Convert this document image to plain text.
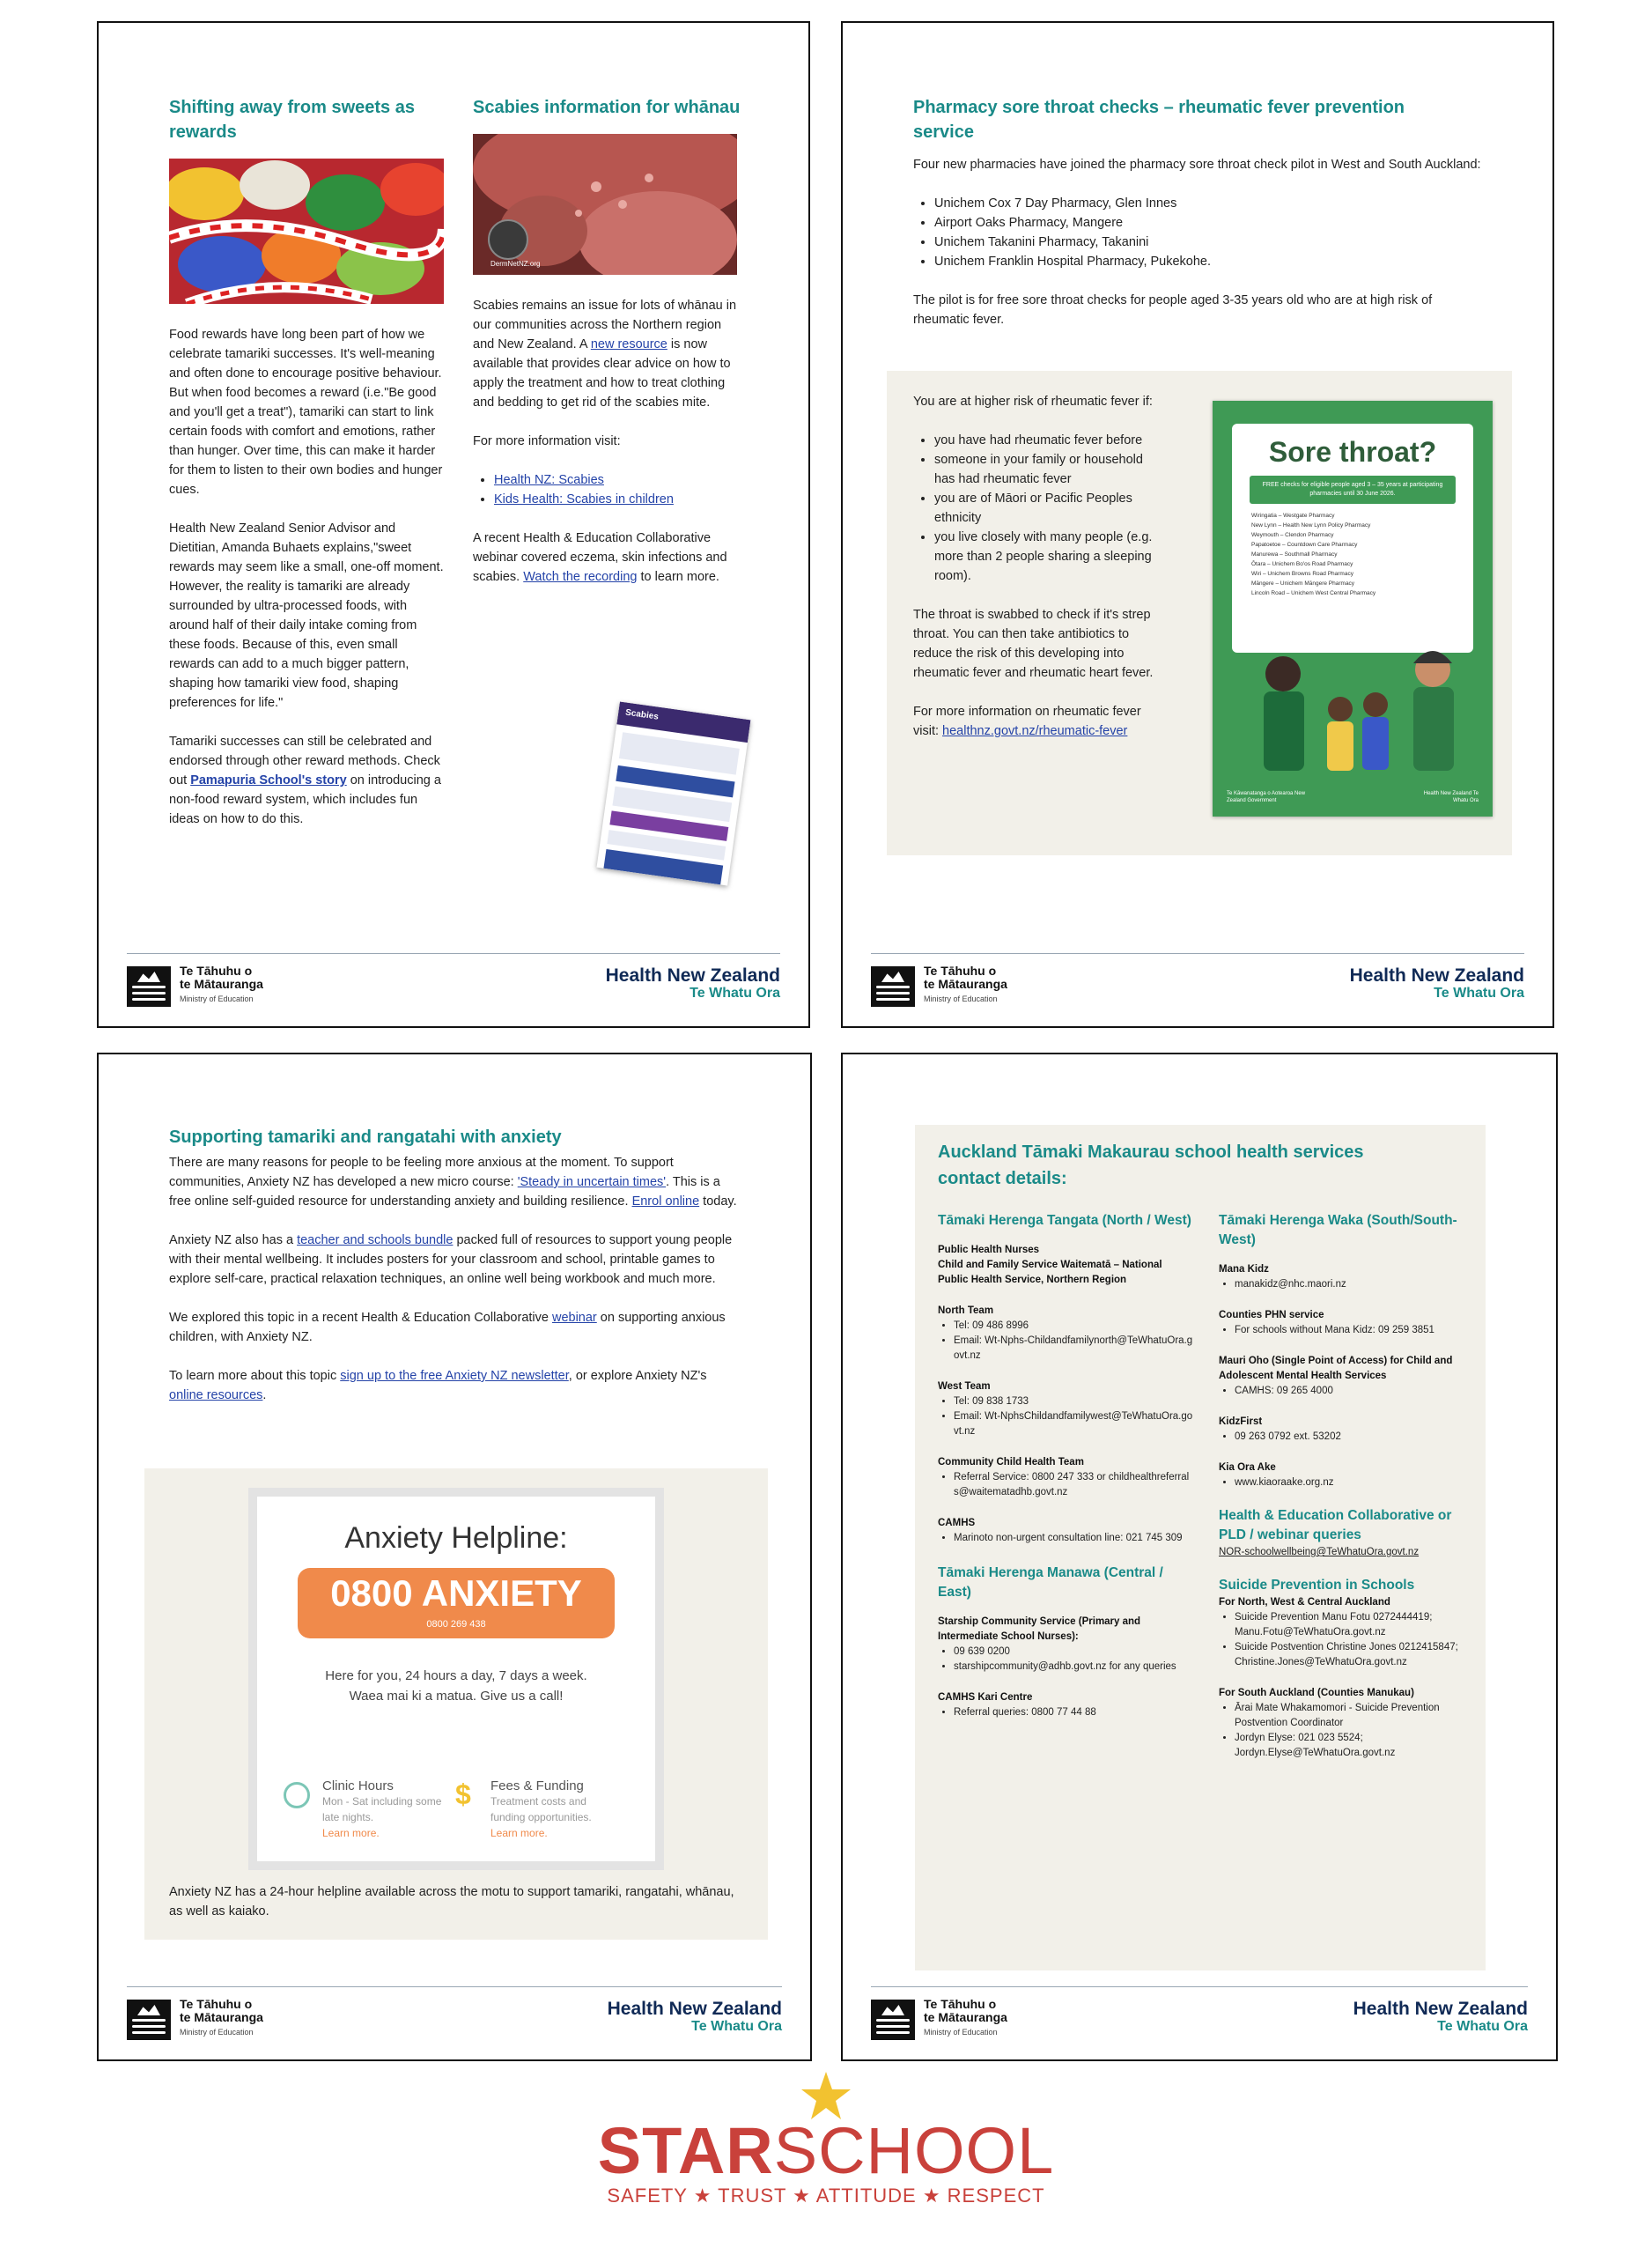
Shifting away from sweets as rewards

Food rewards have long been part of how we celebrate tamariki successes. It's well-meaning and often done to encourage positive behaviour. But when food becomes a reward (i.e."Be good and you'll get a treat"), tamariki can start to link certain foods with comfort and emotions, rather than hunger. Over time, this can make it harder for them to listen to their own bodies and hunger cues.

Health New Zealand Senior Advisor and Dietitian, Amanda Buhaets explains,"sweet rewards may seem like a small, one-off moment. However, the reality is tamariki are already surrounded by ultra-processed foods, with around half of their daily intake coming from these foods. Because of this, even small rewards can add to a much bigger pattern, shaping how tamariki view food, shaping preferences for life."

Tamariki successes can still be celebrated and endorsed through other reward methods. Check out Pamapuria School's story on introducing a non-food reward system, which includes fun ideas on how to do this.

Scabies information for whānau
DermNetNZ.org

Scabies remains an issue for lots of whānau in our communities across the Northern region and New Zealand. A new resource is now available that provides clear advice on how to apply the treatment and how to treat clothing and bedding to get rid of the scabies mite.

For more information visit:

• Health NZ: Scabies
• Kids Health: Scabies in children

A recent Health & Education Collaborative webinar covered eczema, skin infections and scabies. Watch the recording to learn more.

Scabies
Te Tāhuhu o
te Mātauranga
Ministry of Education
Health New Zealand
Te Whatu Ora
Pharmacy sore throat checks – rheumatic fever prevention service

Four new pharmacies have joined the pharmacy sore throat check pilot in West and South Auckland:

• Unichem Cox 7 Day Pharmacy, Glen Innes
• Airport Oaks Pharmacy, Mangere
• Unichem Takanini Pharmacy, Takanini
• Unichem Franklin Hospital Pharmacy, Pukekohe.

The pilot is for free sore throat checks for people aged 3-35 years old who are at high risk of rheumatic fever.

You are at higher risk of rheumatic fever if:

• you have had rheumatic fever before
• someone in your family or household has had rheumatic fever
• you are of Māori or Pacific Peoples ethnicity
• you live closely with many people (e.g. more than 2 people sharing a sleeping room).

The throat is swabbed to check if it's strep throat. You can then take antibiotics to reduce the risk of this developing into rheumatic fever and rheumatic heart fever.

For more information on rheumatic fever visit: healthnz.govt.nz/rheumatic-fever

Sore throat?
FREE checks for eligible people aged 3 – 35 years at participating pharmacies until 30 June 2026.
Wiringatia – Westgate Pharmacy
New Lynn – Health New Lynn Policy Pharmacy
Weymouth – Clendon Pharmacy
Papatoetoe – Countdown Care Pharmacy
Manurewa – Southmall Pharmacy
Ōtara – Unichem Bo'os Road Pharmacy
Wiri – Unichem Browns Road Pharmacy
Māngere – Unichem Māngere Pharmacy
Lincoln Road – Unichem West Central Pharmacy
Te Kāwanatanga o Aotearoa New Zealand Government
Health New Zealand Te Whatu Ora
Te Tāhuhu o
te Mātauranga
Ministry of Education
Health New Zealand
Te Whatu Ora
Supporting tamariki and rangatahi with anxiety

There are many reasons for people to be feeling more anxious at the moment. To support communities, Anxiety NZ has developed a new micro course: 'Steady in uncertain times'. This is a free online self-guided resource for understanding anxiety and building resilience. Enrol online today.

Anxiety NZ also has a teacher and schools bundle packed full of resources to support young people with their mental wellbeing. It includes posters for your classroom and school, printable games to explore self-care, practical relaxation techniques, an online well being workbook and much more.

We explored this topic in a recent Health & Education Collaborative webinar on supporting anxious children, with Anxiety NZ.

To learn more about this topic sign up to the free Anxiety NZ newsletter, or explore Anxiety NZ's online resources.

Anxiety Helpline:
0800 ANXIETY
0800 269 438
Here for you, 24 hours a day, 7 days a week.
Waea mai ki a matua. Give us a call!
Clinic Hours
Mon - Sat including some late nights.
Learn more.
$ Fees & Funding
Treatment costs and funding opportunities.
Learn more.

Anxiety NZ has a 24-hour helpline available across the motu to support tamariki, rangatahi, whānau, as well as kaiako.

Te Tāhuhu o
te Mātauranga
Ministry of Education
Health New Zealand
Te Whatu Ora
Auckland Tāmaki Makaurau school health services contact details:
Tāmaki Herenga Tangata (North / West)
Public Health Nurses
Child and Family Service Waitematā – National Public Health Service, Northern Region
North Team
• Tel: 09 486 8996
• Email: Wt-Nphs-Childandfamilynorth@TeWhatuOra.govt.nz
West Team
• Tel: 09 838 1733
• Email: Wt-NphsChildandfamilywest@TeWhatuOra.govt.nz
Community Child Health Team
• Referral Service: 0800 247 333 or childhealthreferrals@waitematadhb.govt.nz
CAMHS
• Marinoto non-urgent consultation line: 021 745 309
Tāmaki Herenga Manawa (Central / East)
Starship Community Service (Primary and Intermediate School Nurses):
• 09 639 0200
• starshipcommunity@adhb.govt.nz for any queries
CAMHS Kari Centre
• Referral queries: 0800 77 44 88
Tāmaki Herenga Waka (South/South-West)
Mana Kidz
• manakidz@nhc.maori.nz
Counties PHN service
• For schools without Mana Kidz: 09 259 3851
Mauri Oho (Single Point of Access) for Child and Adolescent Mental Health Services
• CAMHS: 09 265 4000
KidzFirst
• 09 263 0792 ext. 53202
Kia Ora Ake
• www.kiaoraake.org.nz
Health & Education Collaborative or PLD / webinar queries
NOR-schoolwellbeing@TeWhatuOra.govt.nz
Suicide Prevention in Schools
For North, West & Central Auckland
• Suicide Prevention Manu Fotu 0272444419; Manu.Fotu@TeWhatuOra.govt.nz
• Suicide Postvention Christine Jones 0212415847; Christine.Jones@TeWhatuOra.govt.nz
For South Auckland (Counties Manukau)
• Ārai Mate Whakamomori - Suicide Prevention Postvention Coordinator
• Jordyn Elyse: 021 023 5524; Jordyn.Elyse@TeWhatuOra.govt.nz
Te Tāhuhu o
te Mātauranga
Ministry of Education
Health New Zealand
Te Whatu Ora
STARSCHOOL
SAFETY ★ TRUST ★ ATTITUDE ★ RESPECT
